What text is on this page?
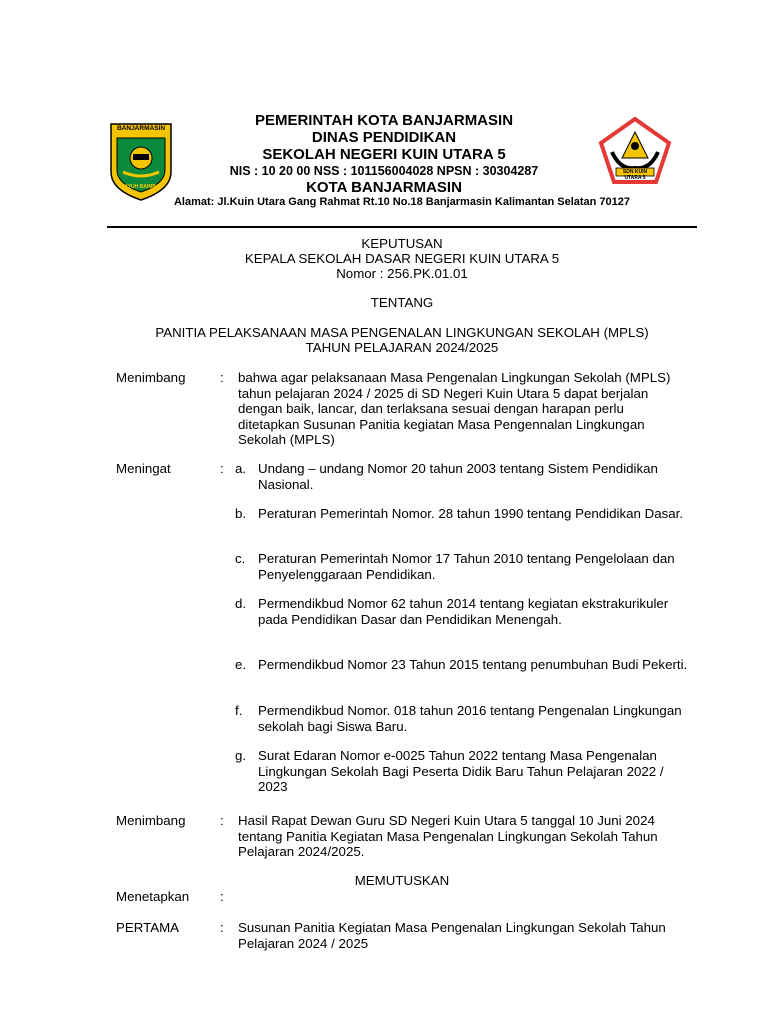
BANJARMASIN
KAYUH BAIMBAI
SDN KUIN UTARA 5
PEMERINTAH KOTA BANJARMASIN
DINAS PENDIDIKAN
SEKOLAH NEGERI KUIN UTARA 5
NIS : 10 20 00 NSS : 101156004028 NPSN : 30304287
KOTA BANJARMASIN
Alamat: Jl.Kuin Utara Gang Rahmat Rt.10 No.18 Banjarmasin Kalimantan Selatan 70127
KEPUTUSAN
KEPALA SEKOLAH DASAR NEGERI KUIN UTARA 5
Nomor : 256.PK.01.01
TENTANG
PANITIA PELAKSANAAN MASA PENGENALAN LINGKUNGAN SEKOLAH (MPLS)
TAHUN PELAJARAN 2024/2025
Menimbang	: bahwa agar pelaksanaan Masa Pengenalan Lingkungan Sekolah (MPLS) tahun pelajaran 2024 / 2025 di SD Negeri Kuin Utara 5 dapat berjalan dengan baik, lancar, dan terlaksana sesuai dengan harapan perlu ditetapkan Susunan Panitia kegiatan Masa Pengennalan Lingkungan Sekolah (MPLS)
Meningat	: a. Undang – undang Nomor 20 tahun 2003 tentang Sistem Pendidikan Nasional.
b. Peraturan Pemerintah Nomor. 28 tahun 1990 tentang Pendidikan Dasar.
c. Peraturan Pemerintah Nomor 17 Tahun 2010 tentang Pengelolaan dan Penyelenggaraan Pendidikan.
d. Permendikbud Nomor 62 tahun 2014 tentang kegiatan ekstrakurikuler pada Pendidikan Dasar dan Pendidikan Menengah.
e. Permendikbud Nomor 23 Tahun 2015 tentang penumbuhan Budi Pekerti.
f.	Permendikbud Nomor. 018 tahun 2016 tentang Pengenalan Lingkungan sekolah bagi Siswa Baru.
g. Surat Edaran Nomor e-0025 Tahun 2022 tentang Masa Pengenalan Lingkungan Sekolah Bagi Peserta Didik Baru Tahun Pelajaran 2022 / 2023
Menimbang	: Hasil Rapat Dewan Guru SD Negeri Kuin Utara 5 tanggal 10 Juni 2024 tentang Panitia Kegiatan Masa Pengenalan Lingkungan Sekolah Tahun Pelajaran 2024/2025.
MEMUTUSKAN
Menetapkan :
PERTAMA	: Susunan Panitia Kegiatan Masa Pengenalan Lingkungan Sekolah Tahun Pelajaran 2024 / 2025
